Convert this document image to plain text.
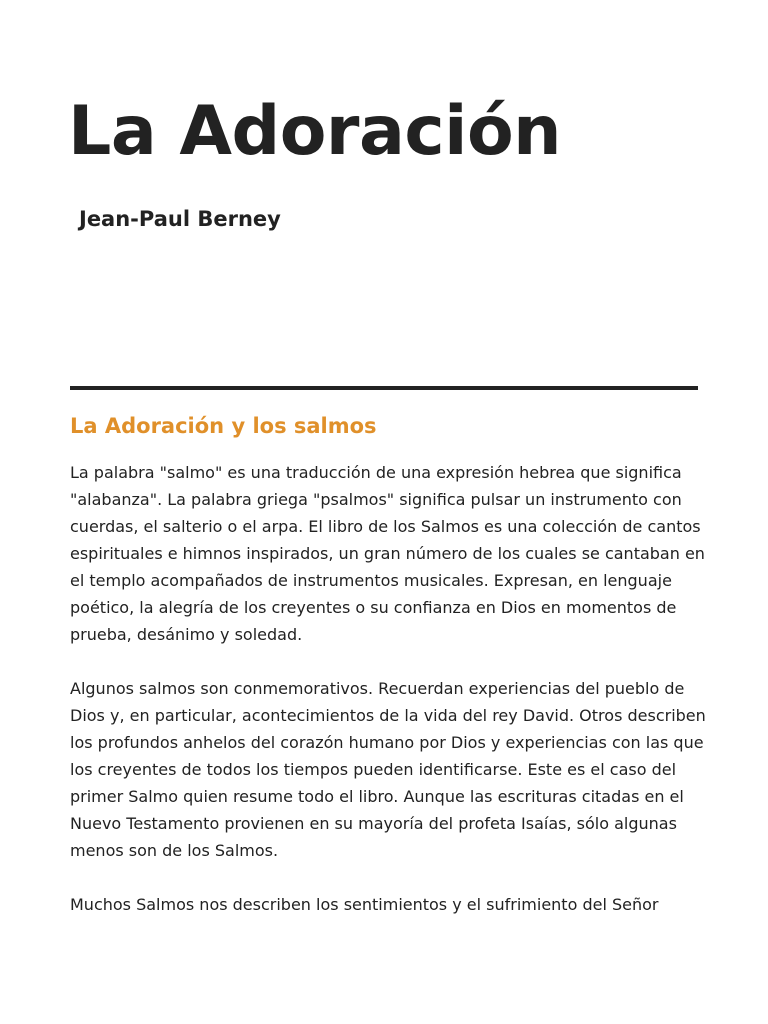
La Adoración

Jean-Paul Berney

La Adoración y los salmos

La palabra "salmo" es una traducción de una expresión hebrea que significa
"alabanza". La palabra griega "psalmos" significa pulsar un instrumento con
cuerdas, el salterio o el arpa. El libro de los Salmos es una colección de cantos
espirituales e himnos inspirados, un gran número de los cuales se cantaban en
el templo acompañados de instrumentos musicales. Expresan, en lenguaje
poético, la alegría de los creyentes o su confianza en Dios en momentos de
prueba, desánimo y soledad.

Algunos salmos son conmemorativos. Recuerdan experiencias del pueblo de
Dios y, en particular, acontecimientos de la vida del rey David. Otros describen
los profundos anhelos del corazón humano por Dios y experiencias con las que
los creyentes de todos los tiempos pueden identificarse. Este es el caso del
primer Salmo quien resume todo el libro. Aunque las escrituras citadas en el
Nuevo Testamento provienen en su mayoría del profeta Isaías, sólo algunas
menos son de los Salmos.

Muchos Salmos nos describen los sentimientos y el sufrimiento del Señor
